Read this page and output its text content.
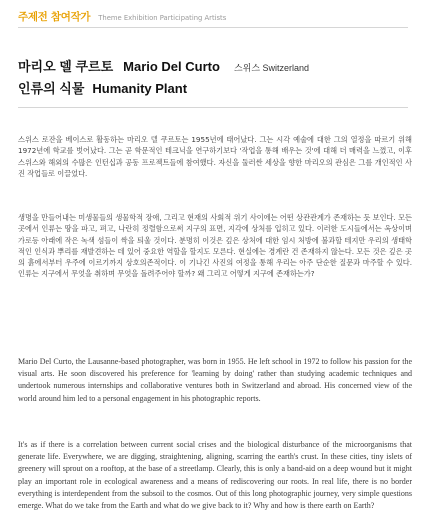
주제전 참여작가 Theme Exhibition Participating Artists
마리오 델 쿠르토 Mario Del Curto 스위스 Switzerland
인류의 식물 Humanity Plant

스위스 로잔을 베이스로 활동하는 마리오 델 쿠르토는 1955년에 태어났다. 그는 시각 예술에 대한 그의 열정을 따르기 위해 1972년에 학교를 벗어났다. 그는 곧 학문적인 테크닉을 연구하기보다 '작업을 통해 배우는 것'에 대해 더 매력을 느꼈고, 이후 스위스와 해외의 수많은 인턴십과 공동 프로젝트들에 참여했다. 자신을 둘러싼 세상을 향한 마리오의 관심은 그를 개인적인 사진 작업들로 이끌었다.

생명을 만들어내는 미생물들의 생물학적 장애, 그리고 현재의 사회적 위기 사이에는 어떤 상관관계가 존재하는 듯 보인다. 모든 곳에서 인류는 땅을 파고, 펴고, 나란히 정렬함으로써 지구의 표면, 지각에 상처를 입히고 있다. 이러한 도시들에서는 옥상이며 가로등 아래에 작은 녹색 섬들이 싹을 틔울 것이다. 분명히 이것은 깊은 상처에 대한 임시 처방에 불과할 테지만 우리의 생태학적인 인식과 뿌리를 재발견하는 데 있어 중요한 역할을 할지도 모른다. 현실에는 경계란 건 존재하지 않는다. 모든 것은 깊은 곳의 흙에서부터 우주에 이르기까지 상호의존적이다. 이 기나긴 사진의 여정을 통해 우리는 아주 단순한 질문과 마주할 수 있다. 인류는 지구에서 무엇을 취하며 무엇을 돌려주어야 할까? 왜 그리고 어떻게 지구에 존재하는가?

Mario Del Curto, the Lausanne-based photographer, was born in 1955. He left school in 1972 to follow his passion for the visual arts. He soon discovered his preference for 'learning by doing' rather than studying academic techniques and undertook numerous internships and collaborative ventures both in Switzerland and abroad. His concerned view of the world around him led to a personal engagement in his photographic reports.

It's as if there is a correlation between current social crises and the biological disturbance of the microorganisms that generate life. Everywhere, we are digging, straightening, aligning, scarring the earth's crust. In these cities, tiny islets of greenery will sprout on a rooftop, at the base of a streetlamp. Clearly, this is only a band-aid on a deep wound but it might play an important role in ecological awareness and a means of rediscovering our roots. In real life, there is no border everything is interdependent from the subsoil to the cosmos. Out of this long photographic journey, very simple questions emerge. What do we take from the Earth and what do we give back to it? Why and how is there earth on Earth?
